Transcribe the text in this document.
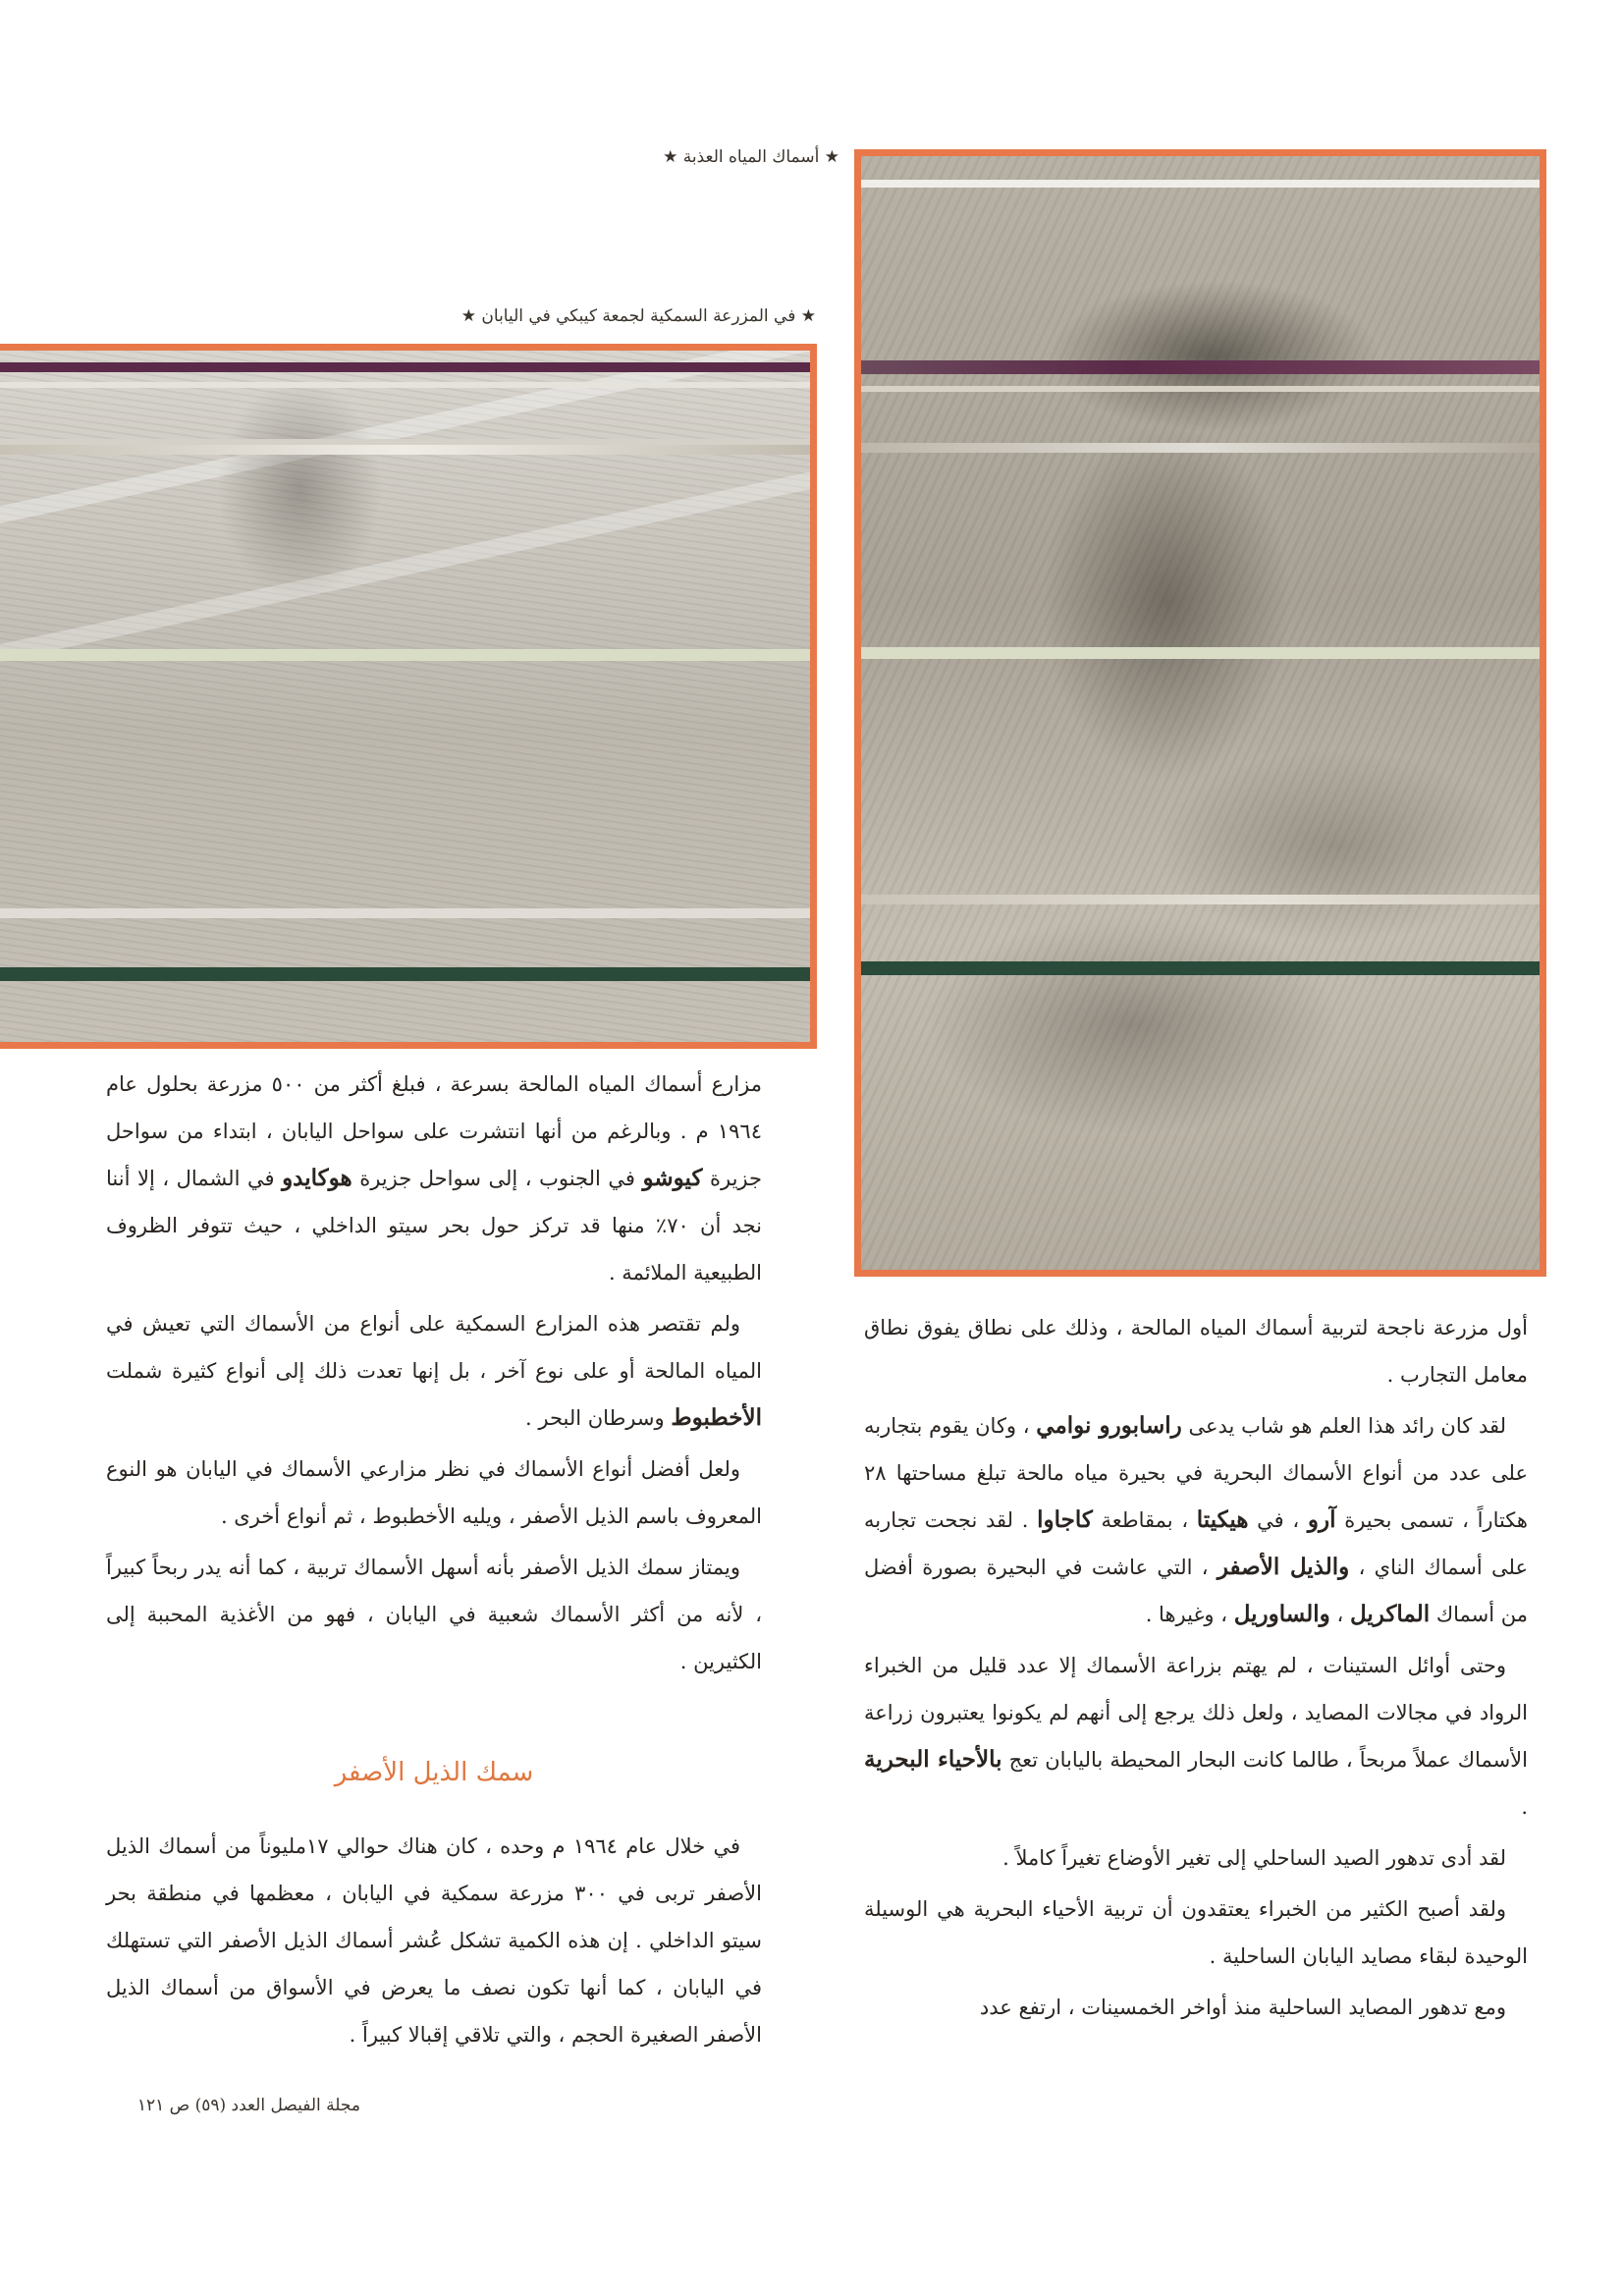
★ أسماك المياه العذبة ★
★ في المزرعة السمكية لجمعة كيبكي في اليابان ★

أول مزرعة ناجحة لتربية أسماك المياه المالحة ، وذلك على نطاق يفوق نطاق معامل التجارب .

لقد كان رائد هذا العلم هو شاب يدعى راسابورو نوامي ، وكان يقوم بتجاربه على عدد من أنواع الأسماك البحرية في بحيرة مياه مالحة تبلغ مساحتها ٢٨ هكتاراً ، تسمى بحيرة آرو ، في هيكيتا ، بمقاطعة كاجاوا . لقد نجحت تجاربه على أسماك الناي ، والذيل الأصفر ، التي عاشت في البحيرة بصورة أفضل من أسماك الماكريل ، والساوريل ، وغيرها .

وحتى أوائل الستينات ، لم يهتم بزراعة الأسماك إلا عدد قليل من الخبراء الرواد في مجالات المصايد ، ولعل ذلك يرجع إلى أنهم لم يكونوا يعتبرون زراعة الأسماك عملاً مربحاً ، طالما كانت البحار المحيطة باليابان تعج بالأحياء البحرية .

لقد أدى تدهور الصيد الساحلي إلى تغير الأوضاع تغيراً كاملاً .

ولقد أصبح الكثير من الخبراء يعتقدون أن تربية الأحياء البحرية هي الوسيلة الوحيدة لبقاء مصايد اليابان الساحلية .

ومع تدهور المصايد الساحلية منذ أواخر الخمسينات ، ارتفع عدد

مزارع أسماك المياه المالحة بسرعة ، فبلغ أكثر من ٥٠٠ مزرعة بحلول عام ١٩٦٤ م . وبالرغم من أنها انتشرت على سواحل اليابان ، ابتداء من سواحل جزيرة كيوشو في الجنوب ، إلى سواحل جزيرة هوكايدو في الشمال ، إلا أننا نجد أن ٧٠٪ منها قد تركز حول بحر سيتو الداخلي ، حيث تتوفر الظروف الطبيعية الملائمة .

ولم تقتصر هذه المزارع السمكية على أنواع من الأسماك التي تعيش في المياه المالحة أو على نوع آخر ، بل إنها تعدت ذلك إلى أنواع كثيرة شملت الأخطبوط وسرطان البحر .

ولعل أفضل أنواع الأسماك في نظر مزارعي الأسماك في اليابان هو النوع المعروف باسم الذيل الأصفر ، ويليه الأخطبوط ، ثم أنواع أخرى .

ويمتاز سمك الذيل الأصفر بأنه أسهل الأسماك تربية ، كما أنه يدر ربحاً كبيراً ، لأنه من أكثر الأسماك شعبية في اليابان ، فهو من الأغذية المحببة إلى الكثيرين .

سمك الذيل الأصفر

في خلال عام ١٩٦٤ م وحده ، كان هناك حوالي ١٧مليوناً من أسماك الذيل الأصفر تربى في ٣٠٠ مزرعة سمكية في اليابان ، معظمها في منطقة بحر سيتو الداخلي . إن هذه الكمية تشكل عُشر أسماك الذيل الأصفر التي تستهلك في اليابان ، كما أنها تكون نصف ما يعرض في الأسواق من أسماك الذيل الأصفر الصغيرة الحجم ، والتي تلاقي إقبالا كبيراً .

مجلة الفيصل العدد (٥٩) ص ١٢١
